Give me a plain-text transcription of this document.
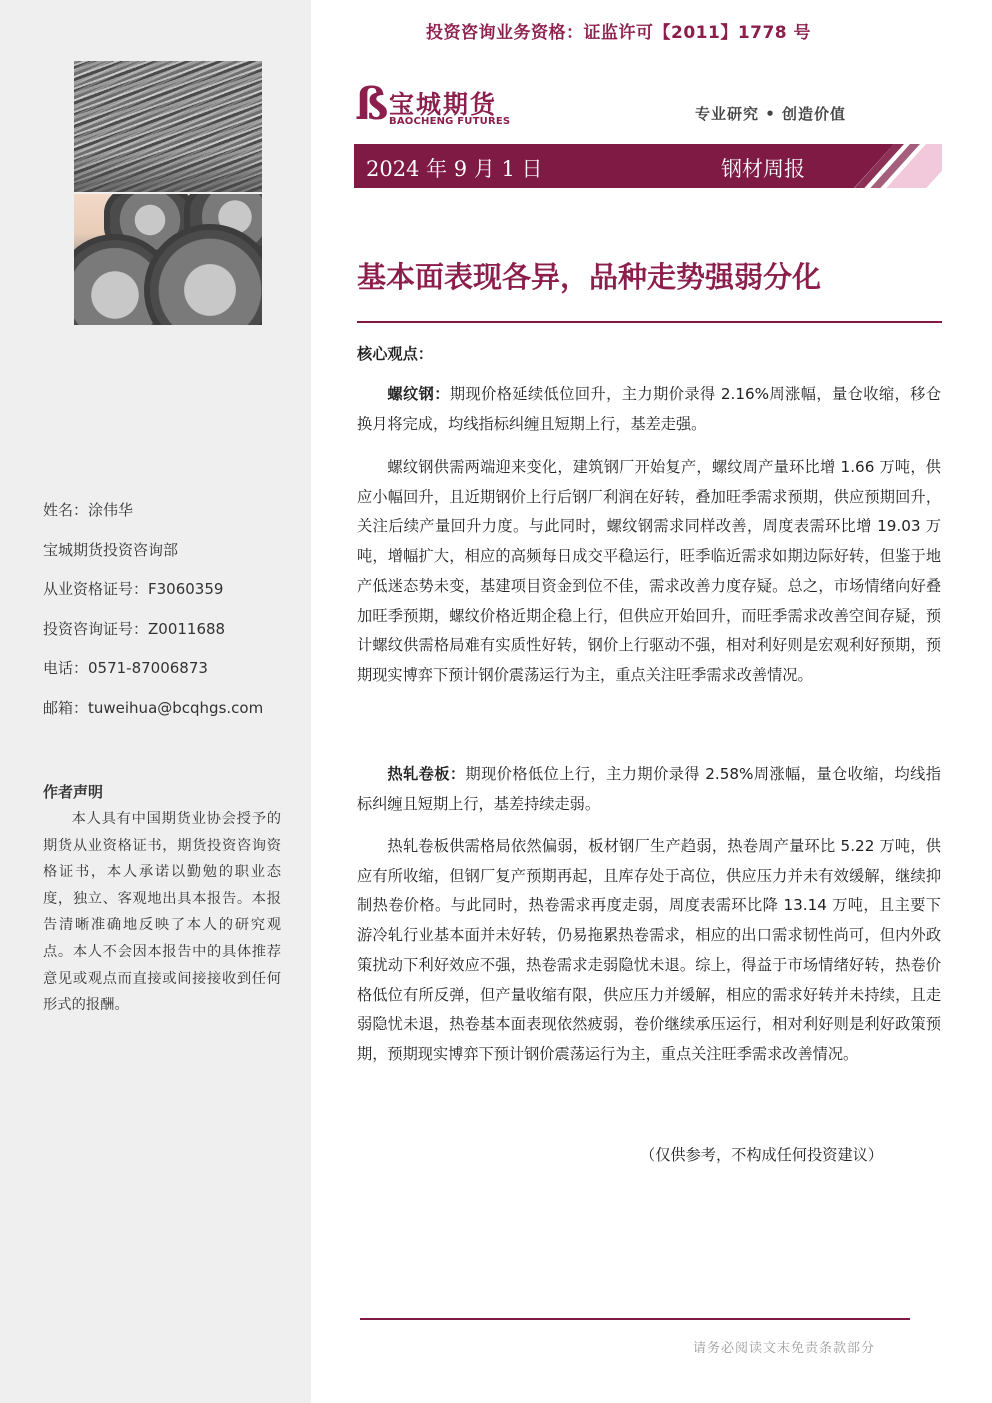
姓名：涂伟华
宝城期货投资咨询部
从业资格证号：F3060359
投资咨询证号：Z0011688
电话：0571-87006873
邮箱：tuweihua@bcqhgs.com
作者声明
本人具有中国期货业协会授予的期货从业资格证书，期货投资咨询资格证书，本人承诺以勤勉的职业态度，独立、客观地出具本报告。本报告清晰准确地反映了本人的研究观点。本人不会因本报告中的具体推荐意见或观点而直接或间接接收到任何形式的报酬。
投资咨询业务资格：证监许可【2011】1778 号
ß 宝城期货
BAOCHENG FUTURES	专业研究 • 创造价值
2024 年 9 月 1 日	钢材周报
基本面表现各异，品种走势强弱分化
核心观点：

螺纹钢：期现价格延续低位回升，主力期价录得 2.16%周涨幅，量仓收缩，移仓换月将完成，均线指标纠缠且短期上行，基差走强。

螺纹钢供需两端迎来变化，建筑钢厂开始复产，螺纹周产量环比增 1.66 万吨，供应小幅回升，且近期钢价上行后钢厂利润在好转，叠加旺季需求预期，供应预期回升，关注后续产量回升力度。与此同时，螺纹钢需求同样改善，周度表需环比增 19.03 万吨，增幅扩大，相应的高频每日成交平稳运行，旺季临近需求如期边际好转，但鉴于地产低迷态势未变，基建项目资金到位不佳，需求改善力度存疑。总之，市场情绪向好叠加旺季预期，螺纹价格近期企稳上行，但供应开始回升，而旺季需求改善空间存疑，预计螺纹供需格局难有实质性好转，钢价上行驱动不强，相对利好则是宏观利好预期，预期现实博弈下预计钢价震荡运行为主，重点关注旺季需求改善情况。

热轧卷板：期现价格低位上行，主力期价录得 2.58%周涨幅，量仓收缩，均线指标纠缠且短期上行，基差持续走弱。

热轧卷板供需格局依然偏弱，板材钢厂生产趋弱，热卷周产量环比 5.22 万吨，供应有所收缩，但钢厂复产预期再起，且库存处于高位，供应压力并未有效缓解，继续抑制热卷价格。与此同时，热卷需求再度走弱，周度表需环比降 13.14 万吨，且主要下游冷轧行业基本面并未好转，仍易拖累热卷需求，相应的出口需求韧性尚可，但内外政策扰动下利好效应不强，热卷需求走弱隐忧未退。综上，得益于市场情绪好转，热卷价格低位有所反弹，但产量收缩有限，供应压力并缓解，相应的需求好转并未持续，且走弱隐忧未退，热卷基本面表现依然疲弱，卷价继续承压运行，相对利好则是利好政策预期，预期现实博弈下预计钢价震荡运行为主，重点关注旺季需求改善情况。

（仅供参考，不构成任何投资建议）
请务必阅读文末免责条款部分
